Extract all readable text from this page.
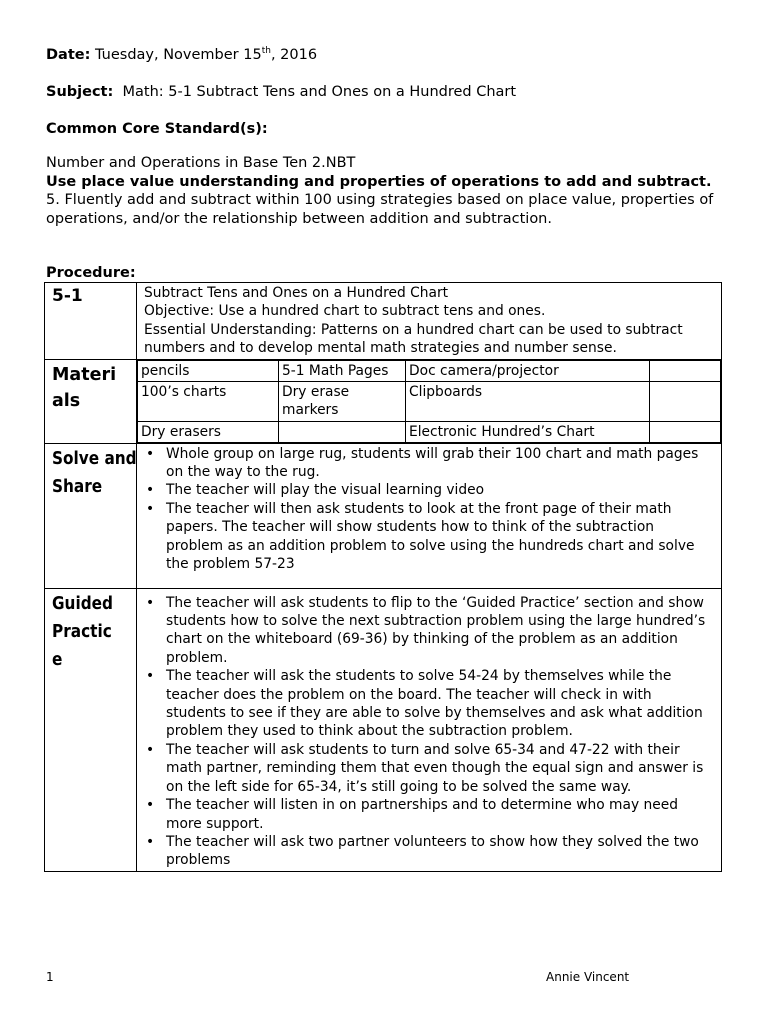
Date: Tuesday, November 15th, 2016
Subject: Math: 5-1 Subtract Tens and Ones on a Hundred Chart
Common Core Standard(s):

Number and Operations in Base Ten 2.NBT

Use place value understanding and properties of operations to add and subtract.

5. Fluently add and subtract within 100 using strategies based on place value, properties of operations, and/or the relationship between addition and subtraction.

Procedure:
5-1	Subtract Tens and Ones on a Hundred Chart
Objective: Use a hundred chart to subtract tens and ones.
Essential Understanding: Patterns on a hundred chart can be used to subtract numbers and to develop mental math strategies and number sense.

Materi als

pencils	5-1 Math Pages	Doc camera/projector	
100’s charts	Dry erase markers	Clipboards	
Dry erasers		Electronic Hundred’s Chart	

Solve and Share

• Whole group on large rug, students will grab their 100 chart and math pages on the way to the rug.
• The teacher will play the visual learning video
• The teacher will then ask students to look at the front page of their math papers. The teacher will show students how to think of the subtraction problem as an addition problem to solve using the hundreds chart and solve the problem 57-23

Guided Practic e

• The teacher will ask students to flip to the ‘Guided Practice’ section and show students how to solve the next subtraction problem using the large hundred’s chart on the whiteboard (69-36) by thinking of the problem as an addition problem.
• The teacher will ask the students to solve 54-24 by themselves while the teacher does the problem on the board. The teacher will check in with students to see if they are able to solve by themselves and ask what addition problem they used to think about the subtraction problem.
• The teacher will ask students to turn and solve 65-34 and 47-22 with their math partner, reminding them that even though the equal sign and answer is on the left side for 65-34, it’s still going to be solved the same way.
• The teacher will listen in on partnerships and to determine who may need more support.
• The teacher will ask two partner volunteers to show how they solved the two problems
1	Annie Vincent
